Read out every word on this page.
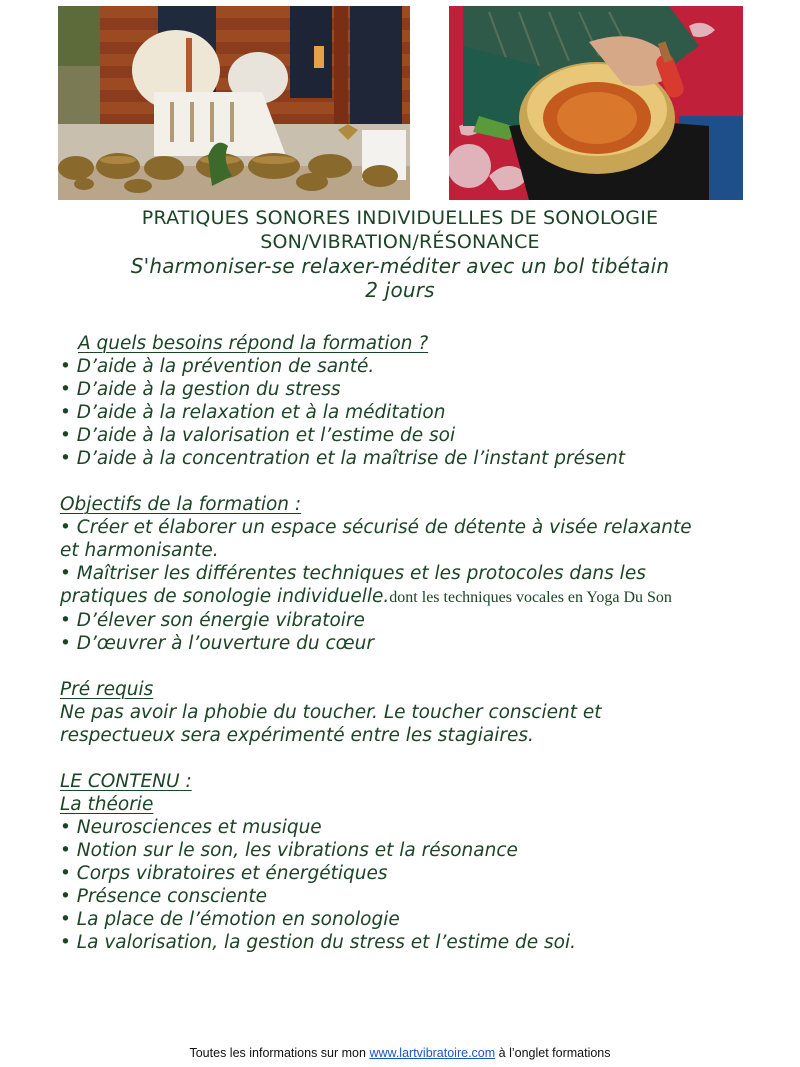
PRATIQUES SONORES INDIVIDUELLES DE SONOLOGIE
SON/VIBRATION/RÉSONANCE
S'harmoniser-se relaxer-méditer avec un bol tibétain
2 jours
A quels besoins répond la formation ?
• D’aide à la prévention de santé.
• D’aide à la gestion du stress
• D’aide à la relaxation et à la méditation
• D’aide à la valorisation et l’estime de soi
• D’aide à la concentration et la maîtrise de l’instant présent
Objectifs de la formation :
• Créer et élaborer un espace sécurisé de détente à visée relaxante
et harmonisante.
• Maîtriser les différentes techniques et les protocoles dans les
pratiques de sonologie individuelle.dont les techniques vocales en Yoga Du Son
• D’élever son énergie vibratoire
• D’œuvrer à l’ouverture du cœur
Pré requis
Ne pas avoir la phobie du toucher. Le toucher conscient et
respectueux sera expérimenté entre les stagiaires.
LE CONTENU :
La théorie
• Neurosciences et musique
• Notion sur le son, les vibrations et la résonance
• Corps vibratoires et énergétiques
• Présence consciente
• La place de l’émotion en sonologie
• La valorisation, la gestion du stress et l’estime de soi.
Toutes les informations sur mon www.lartvibratoire.com à l’onglet formations
